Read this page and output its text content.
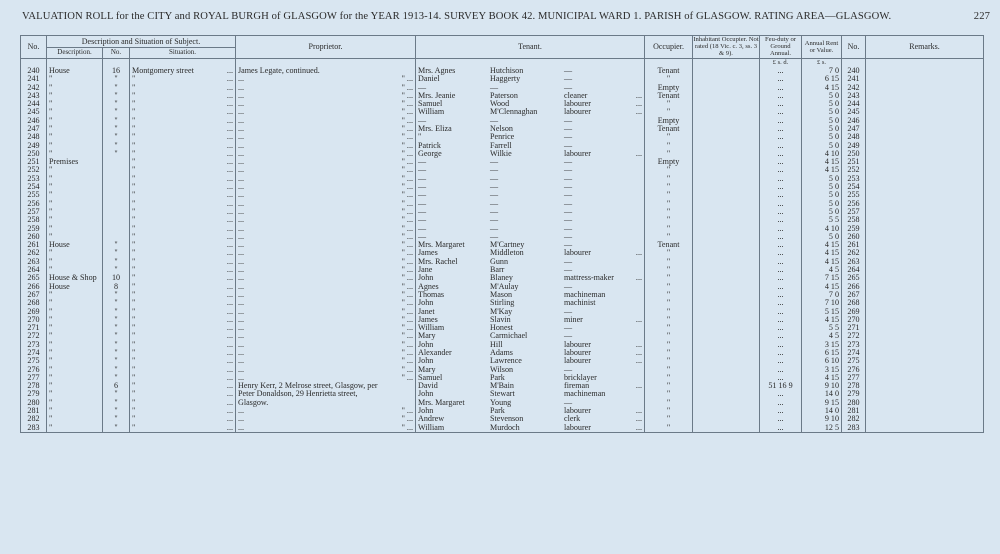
VALUATION ROLL for the CITY and ROYAL BURGH of GLASGOW for the YEAR 1913-14. SURVEY BOOK 42. MUNICIPAL WARD 1. PARISH of GLASGOW. RATING AREA—GLASGOW.	227
No.	Description and Situation of Subject.			Proprietor.	Tenant.	Occupier.	Inhabitant Occupier. Not rated (18 Vic. c. 3, ss. 3 & 9).	Feu-duty or Ground Annual.	Annual Rent or Value.	No.	Remarks.
	Description.	No.	Situation.								
								£ s. d.	£ s.		
240	House	16	Montgomery street ...	James Legate, continued.	Mrs. Agnes Hutchison —	Tenant		...	7 0	240	
241	"	"	" ...	... " ...	Daniel Haggerty —	"		...	6 15	241	
242	"	"	" ...	... " ...	— — —	Empty		...	4 15	242	
243	"	"	" ...	... " ...	Mrs. Jeanie Paterson cleaner ...	Tenant		...	5 0	243	
244	"	"	" ...	... " ...	Samuel Wood labourer ...	"		...	5 0	244	
245	"	"	" ...	... " ...	William M'Clennaghan labourer ...	"		...	5 0	245	
246	"	"	" ...	... " ...	— — —	Empty		...	5 0	246	
247	"	"	" ...	... " ...	Mrs. Eliza Nelson —	Tenant		...	5 0	247	
248	"	"	" ...	... " ...	" Penrice —	"		...	5 0	248	
249	"	"	" ...	... " ...	Patrick Farrell —	"		...	5 0	249	
250	"	"	" ...	... " ...	George Wilkie labourer ...	"		...	4 10	250	
251	Premises		" ...	... " ...	— — —	Empty		...	4 15	251	
252	"		" ...	... " ...	— — —	"		...	4 15	252	
253	"		" ...	... " ...	— — —	"		...	5 0	253	
254	"		" ...	... " ...	— — —	"		...	5 0	254	
255	"		" ...	... " ...	— — —	"		...	5 0	255	
256	"		" ...	... " ...	— — —	"		...	5 0	256	
257	"		" ...	... " ...	— — —	"		...	5 0	257	
258	"		" ...	... " ...	— — —	"		...	5 5	258	
259	"		" ...	... " ...	— — —	"		...	4 10	259	
260	"		" ...	... " ...	— — —	"		...	5 0	260	
261	House	"	" ...	... " ...	Mrs. Margaret M'Cartney —	Tenant		...	4 15	261	
262	"	"	" ...	... " ...	James Middleton labourer ...	"		...	4 15	262	
263	"	"	" ...	... " ...	Mrs. Rachel Gunn —	"		...	4 15	263	
264	"	"	" ...	... " ...	Jane Barr —	"		...	4 5	264	
265	House & Shop	10	" ...	... " ...	John Blaney mattress-maker ...	"		...	7 15	265	
266	House	8	" ...	... " ...	Agnes M'Aulay —	"		...	4 15	266	
267	"	"	" ...	... " ...	Thomas Mason machineman	"		...	7 0	267	
268	"	"	" ...	... " ...	John Stirling machinist	"		...	7 10	268	
269	"	"	" ...	... " ...	Janet M'Kay —	"		...	5 15	269	
270	"	"	" ...	... " ...	James Slavin miner ...	"		...	4 15	270	
271	"	"	" ...	... " ...	William Honest —	"		...	5 5	271	
272	"	"	" ...	... " ...	Mary Carmichael —	"		...	4 5	272	
273	"	"	" ...	... " ...	John Hill labourer ...	"		...	3 15	273	
274	"	"	" ...	... " ...	Alexander Adams labourer ...	"		...	6 15	274	
275	"	"	" ...	... " ...	John Lawrence labourer ...	"		...	6 10	275	
276	"	"	" ...	... " ...	Mary Wilson —	"		...	3 15	276	
277	"	"	" ...	... " ...	Samuel Park bricklayer	"		...	4 15	277	
278	"	6	" ...	Henry Kerr, 2 Melrose street, Glasgow, per	David M'Bain fireman ...	"		51 16 9	9 10	278	
279	"	"	" ...	Peter Donaldson, 29 Henrietta street,	John Stewart machineman	"		...	14 0	279	
280	"	"	" ...	Glasgow.	Mrs. Margaret Young —	"		...	9 15	280	
281	"	"	" ...	... " ...	John Park labourer ...	"		...	14 0	281	
282	"	"	" ...	... " ...	Andrew Stevenson clerk ...	"		...	9 10	282	
283	"	"	" ...	... " ...	William Murdoch labourer ...	"		...	12 5	283	
